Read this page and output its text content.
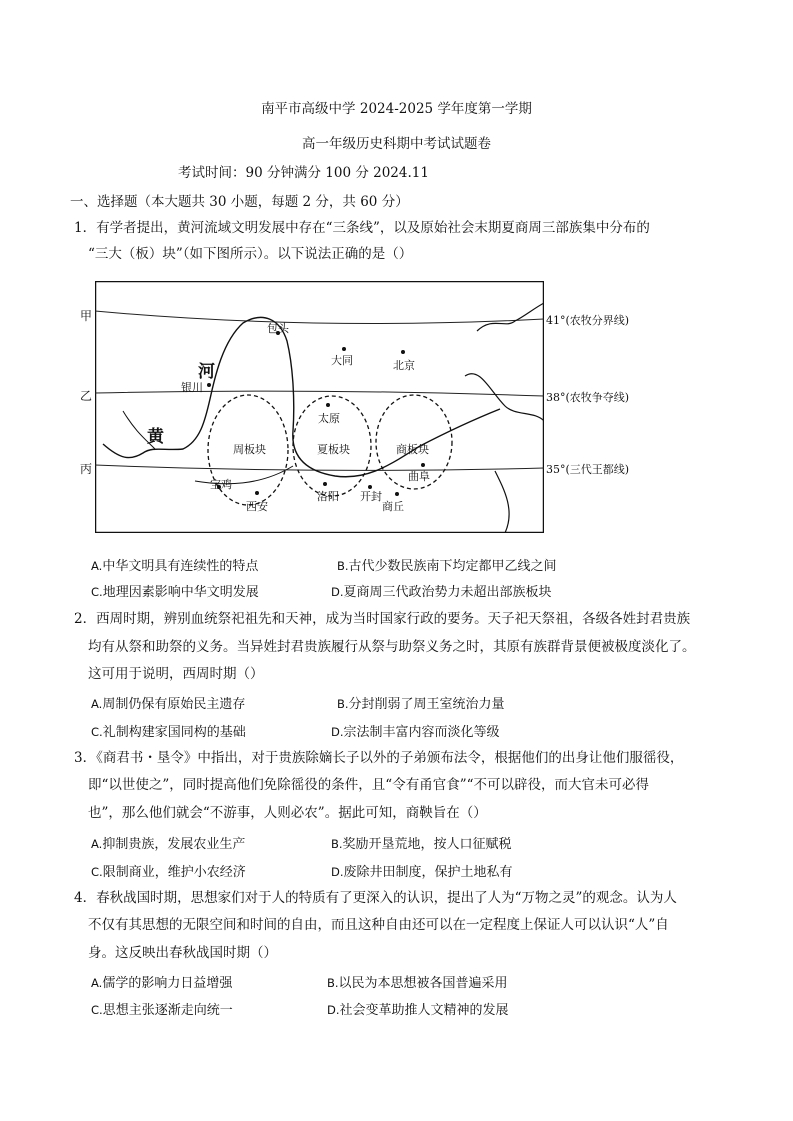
南平市高级中学 2024-2025 学年度第一学期
高一年级历史科期中考试试题卷
考试时间：90 分钟满分 100 分 2024.11
一、选择题（本大题共 30 小题，每题 2 分，共 60 分）
1．有学者提出，黄河流域文明发展中存在“三条线”，以及原始社会末期夏商周三部族集中分布的
“三大（板）块”（如下图所示）。以下说法正确的是（）
甲
乙
丙
41°(农牧分界线)
38°(农牧争夺线)
35°(三代王都线)
河
黄
周板块	夏板块	商板块
包头
大同	北京
银川
太原
曲阜
宝鸡
西安
洛阳 开封
商丘
A.中华文明具有连续性的特点	B.古代少数民族南下均定都甲乙线之间
C.地理因素影响中华文明发展	D.夏商周三代政治势力未超出部族板块
2．西周时期，辨别血统祭祀祖先和天神，成为当时国家行政的要务。天子祀天祭祖，各级各姓封君贵族
均有从祭和助祭的义务。当异姓封君贵族履行从祭与助祭义务之时，其原有族群背景便被极度淡化了。
这可用于说明，西周时期（）
A.周制仍保有原始民主遗存	B.分封削弱了周王室统治力量
C.礼制构建家国同构的基础	D.宗法制丰富内容而淡化等级
3．《商君书・垦令》中指出，对于贵族除嫡长子以外的子弟颁布法令，根据他们的出身让他们服徭役，
即“以世使之”，同时提高他们免除徭役的条件，且“令有甬官食”“不可以辟役，而大官未可必得
也”，那么他们就会“不游事，人则必农”。据此可知，商鞅旨在（）
A.抑制贵族，发展农业生产	B.奖励开垦荒地，按人口征赋税
C.限制商业，维护小农经济	D.废除井田制度，保护土地私有
4．春秋战国时期，思想家们对于人的特质有了更深入的认识，提出了人为“万物之灵”的观念。认为人
不仅有其思想的无限空间和时间的自由，而且这种自由还可以在一定程度上保证人可以认识“人”自
身。这反映出春秋战国时期（）
A.儒学的影响力日益增强	B.以民为本思想被各国普遍采用
C.思想主张逐渐走向统一	D.社会变革助推人文精神的发展
